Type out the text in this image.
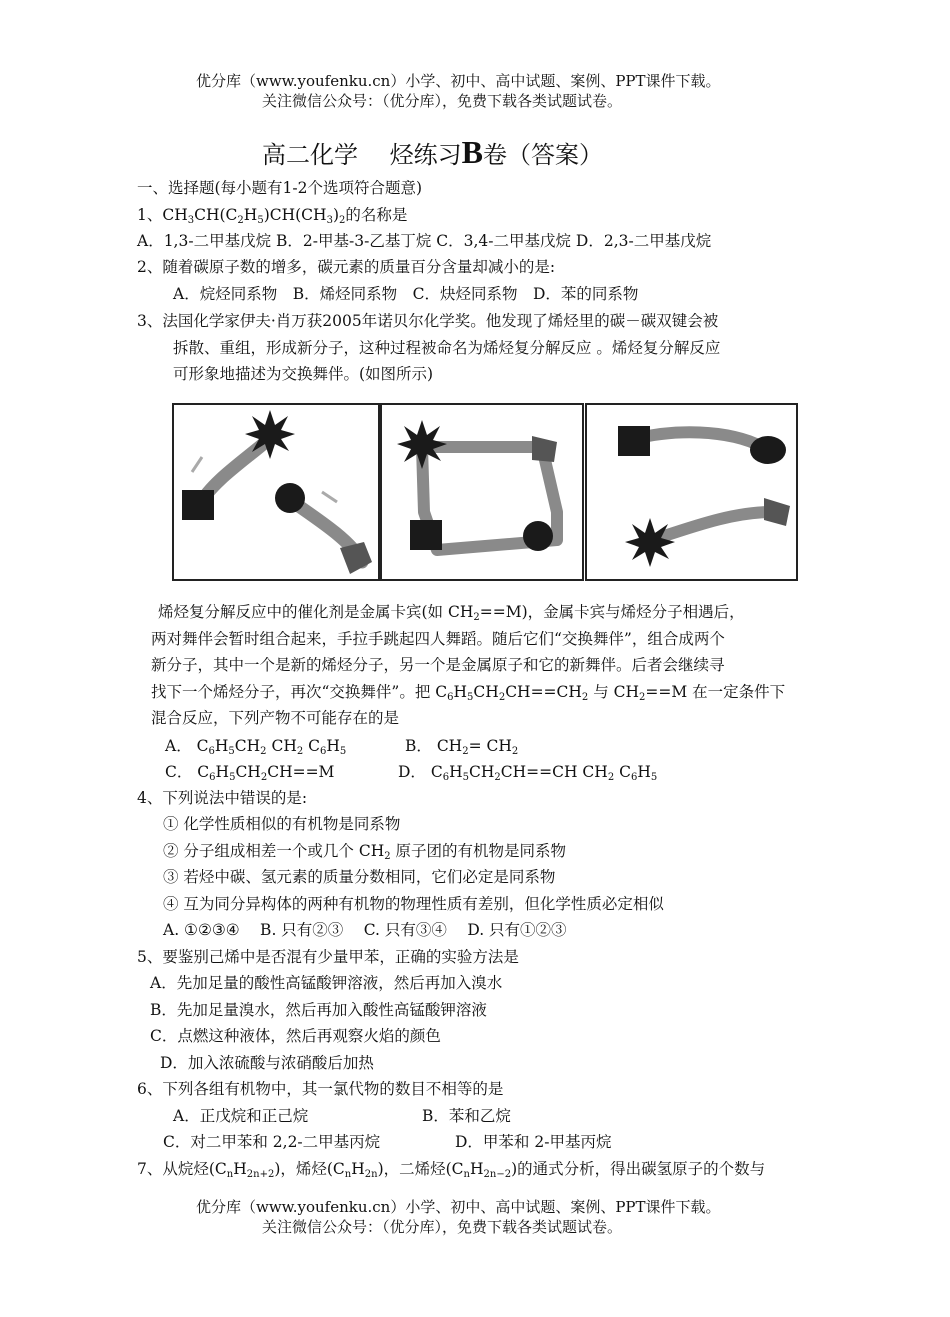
优分库（www.youfenku.cn）小学、初中、高中试题、案例、PPT课件下载。
关注微信公众号：（优分库），免费下载各类试题试卷。
高二化学　 烃练习B卷（答案）
一、选择题(每小题有1-2个选项符合题意)
1、$CH_3CH(C_2H_5)CH(CH_3)_2$的名称是
A．1,3-二甲基戊烷 B．2-甲基-3-乙基丁烷 C．3,4-二甲基戊烷 D．2,3-二甲基戊烷
2、随着碳原子数的增多，碳元素的质量百分含量却减小的是:
A．烷烃同系物　B．烯烃同系物　C．炔烃同系物　D．苯的同系物
3、法国化学家伊夫·肖万获2005年诺贝尔化学奖。他发现了烯烃里的碳－碳双键会被
拆散、重组，形成新分子，这种过程被命名为烯烃复分解反应 。烯烃复分解反应
可形象地描述为交换舞伴。(如图所示)
烯烃复分解反应中的催化剂是金属卡宾(如 $CH_2==M$)，金属卡宾与烯烃分子相遇后，
两对舞伴会暂时组合起来，手拉手跳起四人舞蹈。随后它们“交换舞伴”，组合成两个
新分子，其中一个是新的烯烃分子，另一个是金属原子和它的新舞伴。后者会继续寻
找下一个烯烃分子，再次“交换舞伴”。把 $C_6H_5CH_2CH==CH_2$ 与 $CH_2==M$ 在一定条件下
混合反应，下列产物不可能存在的是
A． $C_6H_5CH_2$ $CH_2$ $C_6H_5$	B． $CH_2= CH_2$
C． $C_6H_5CH_2CH==M$	D． $C_6H_5CH_2CH==CH$ $CH_2$ $C_6H_5$
4、下列说法中错误的是:
① 化学性质相似的有机物是同系物
② 分子组成相差一个或几个 $CH_2$ 原子团的有机物是同系物
③ 若烃中碳、氢元素的质量分数相同，它们必定是同系物
④ 互为同分异构体的两种有机物的物理性质有差别，但化学性质必定相似
A. ①②③④　 B. 只有②③　 C. 只有③④　 D. 只有①②③
5、要鉴别己烯中是否混有少量甲苯，正确的实验方法是
A．先加足量的酸性高锰酸钾溶液，然后再加入溴水
B．先加足量溴水，然后再加入酸性高锰酸钾溶液
C．点燃这种液体，然后再观察火焰的颜色
D．加入浓硫酸与浓硝酸后加热
6、下列各组有机物中，其一氯代物的数目不相等的是
A．正戊烷和正己烷	B．苯和乙烷
C．对二甲苯和 2,2-二甲基丙烷	D．甲苯和 2-甲基丙烷
7、从烷烃$(C_nH_{2n+2})$，烯烃$(C_nH_{2n})$，二烯烃$(C_nH_{2n-2})$的通式分析，得出碳氢原子的个数与
优分库（www.youfenku.cn）小学、初中、高中试题、案例、PPT课件下载。
关注微信公众号：（优分库），免费下载各类试题试卷。
